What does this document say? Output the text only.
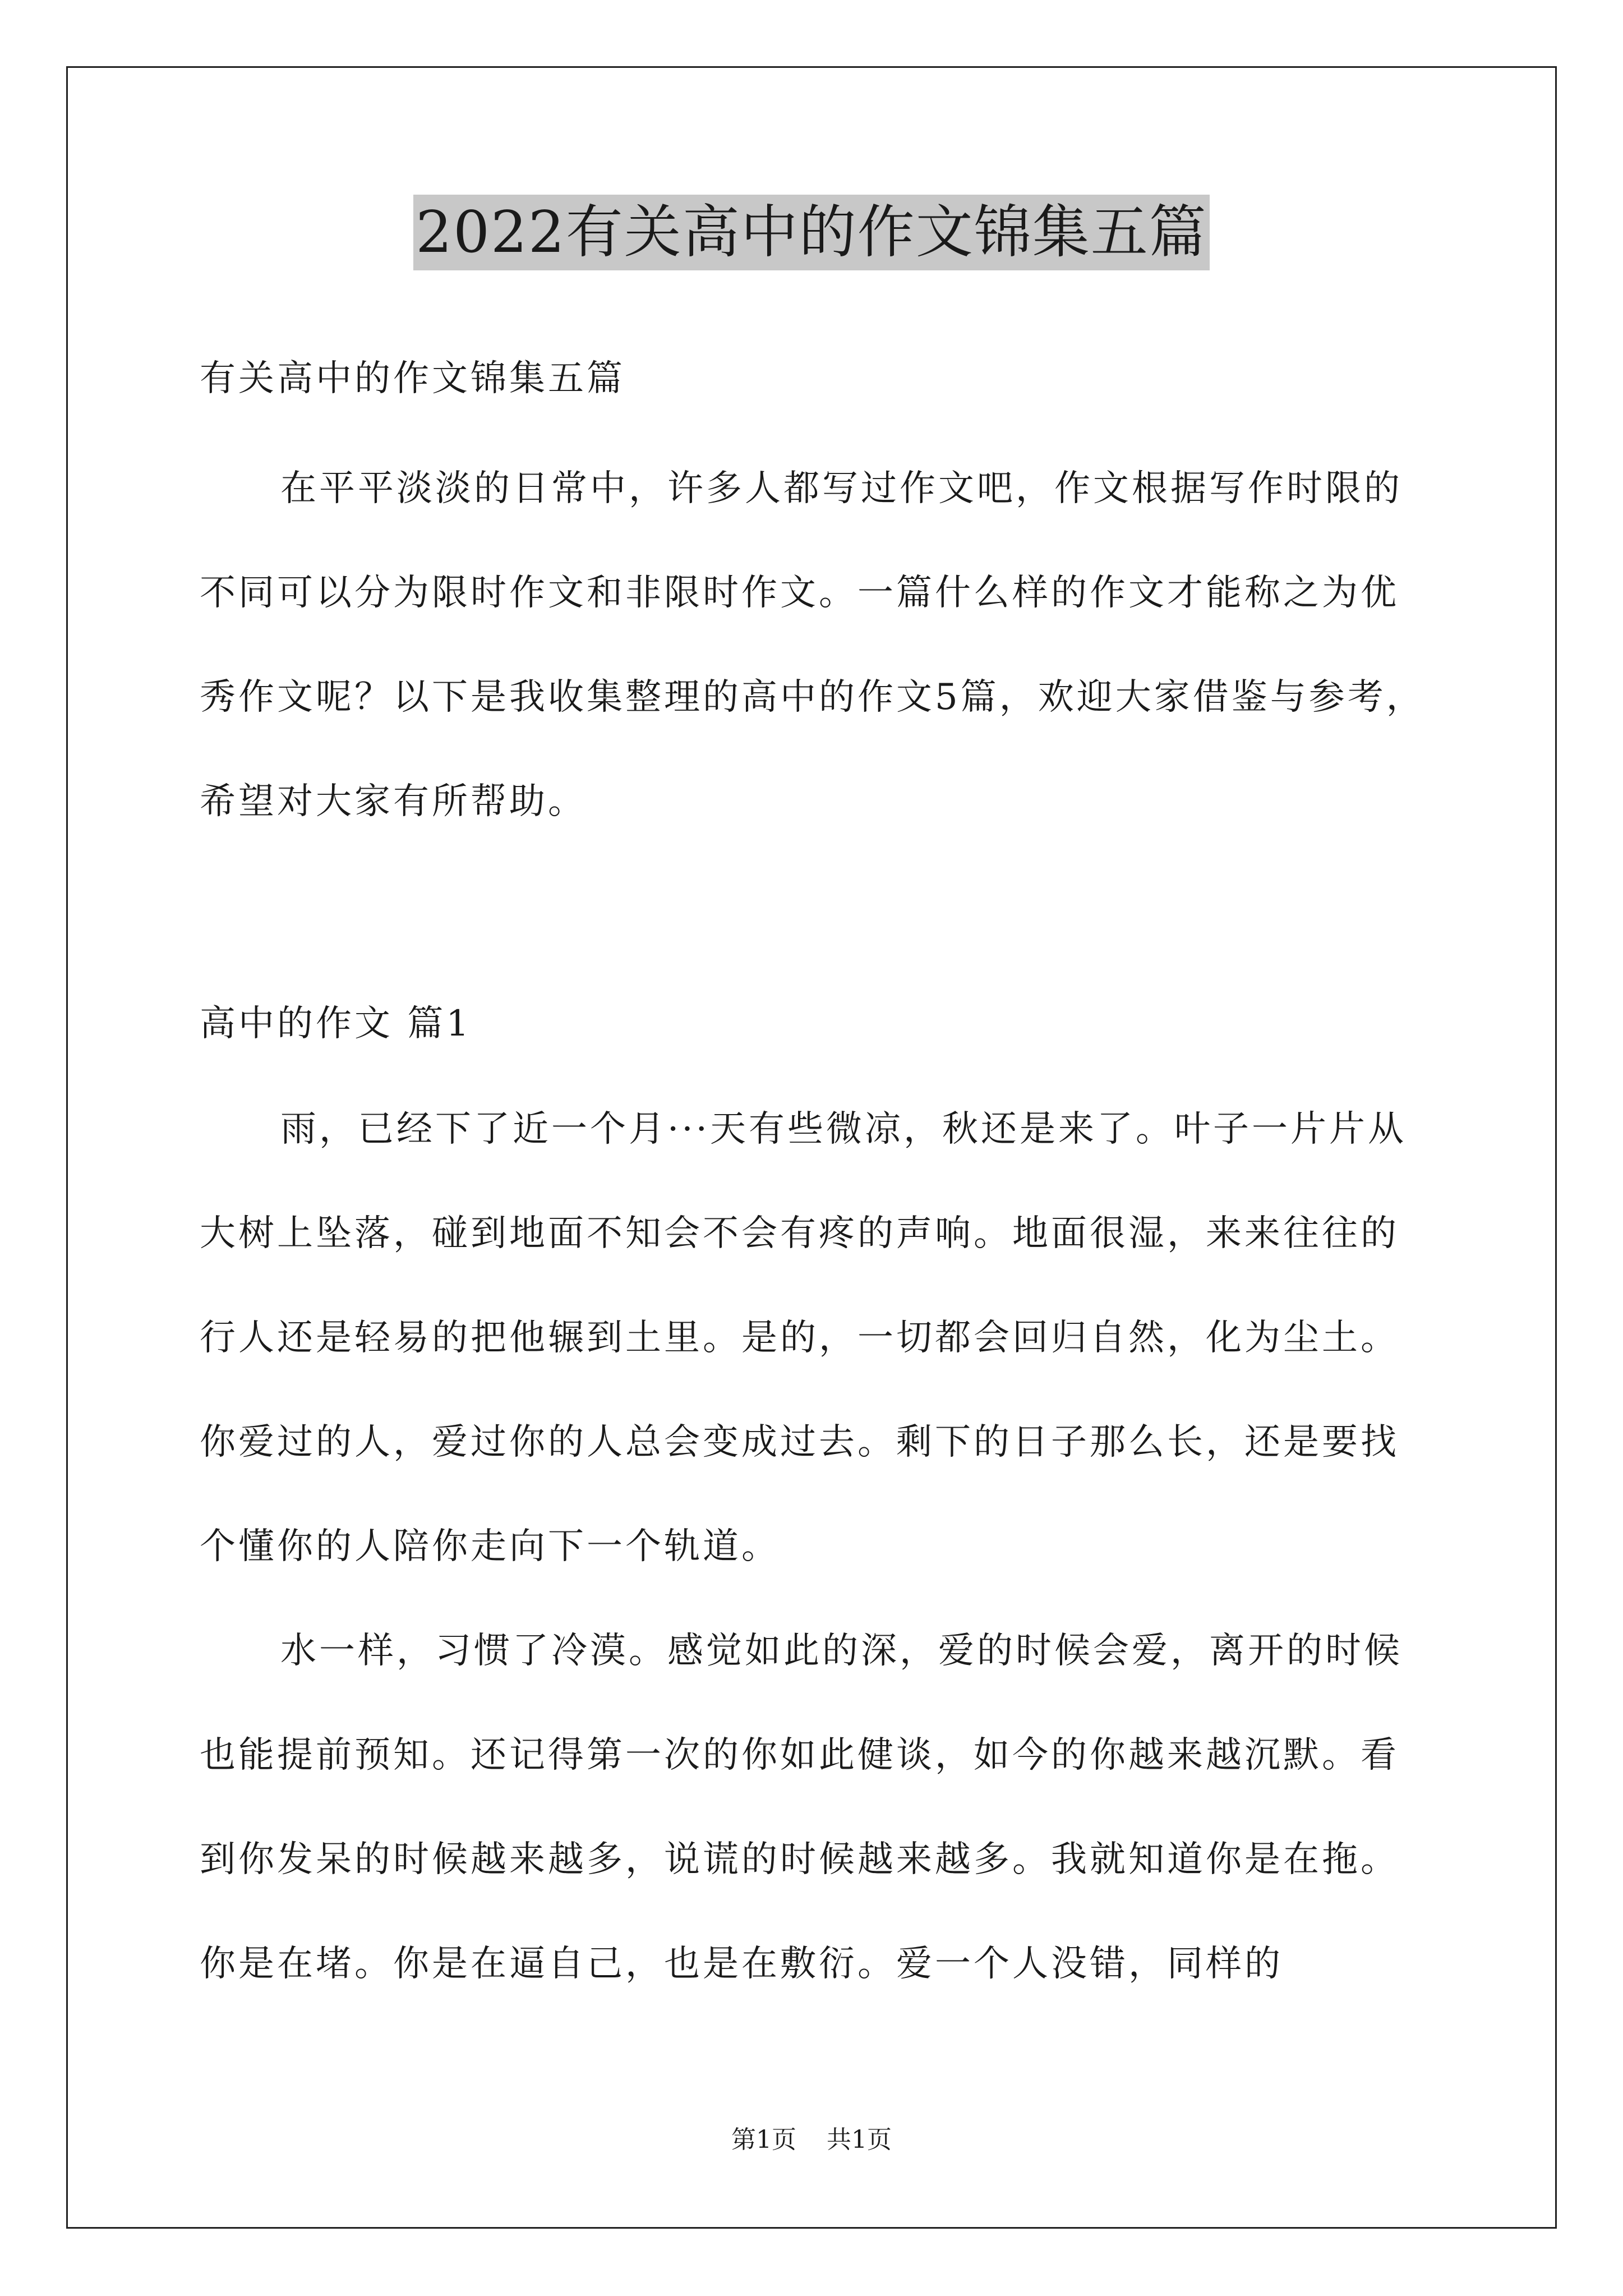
2022有关高中的作文锦集五篇

有关高中的作文锦集五篇

在平平淡淡的日常中，许多人都写过作文吧，作文根据写作时限的不同可以分为限时作文和非限时作文。一篇什么样的作文才能称之为优秀作文呢？以下是我收集整理的高中的作文5篇，欢迎大家借鉴与参考，希望对大家有所帮助。

高中的作文 篇1

雨，已经下了近一个月···天有些微凉，秋还是来了。叶子一片片从大树上坠落，碰到地面不知会不会有疼的声响。地面很湿，来来往往的行人还是轻易的把他辗到土里。是的，一切都会回归自然，化为尘土。你爱过的人，爱过你的人总会变成过去。剩下的日子那么长，还是要找个懂你的人陪你走向下一个轨道。

水一样，习惯了冷漠。感觉如此的深，爱的时候会爱，离开的时候也能提前预知。还记得第一次的你如此健谈，如今的你越来越沉默。看到你发呆的时候越来越多，说谎的时候越来越多。我就知道你是在拖。你是在堵。你是在逼自己，也是在敷衍。爱一个人没错，同样的

第1页 共1页
